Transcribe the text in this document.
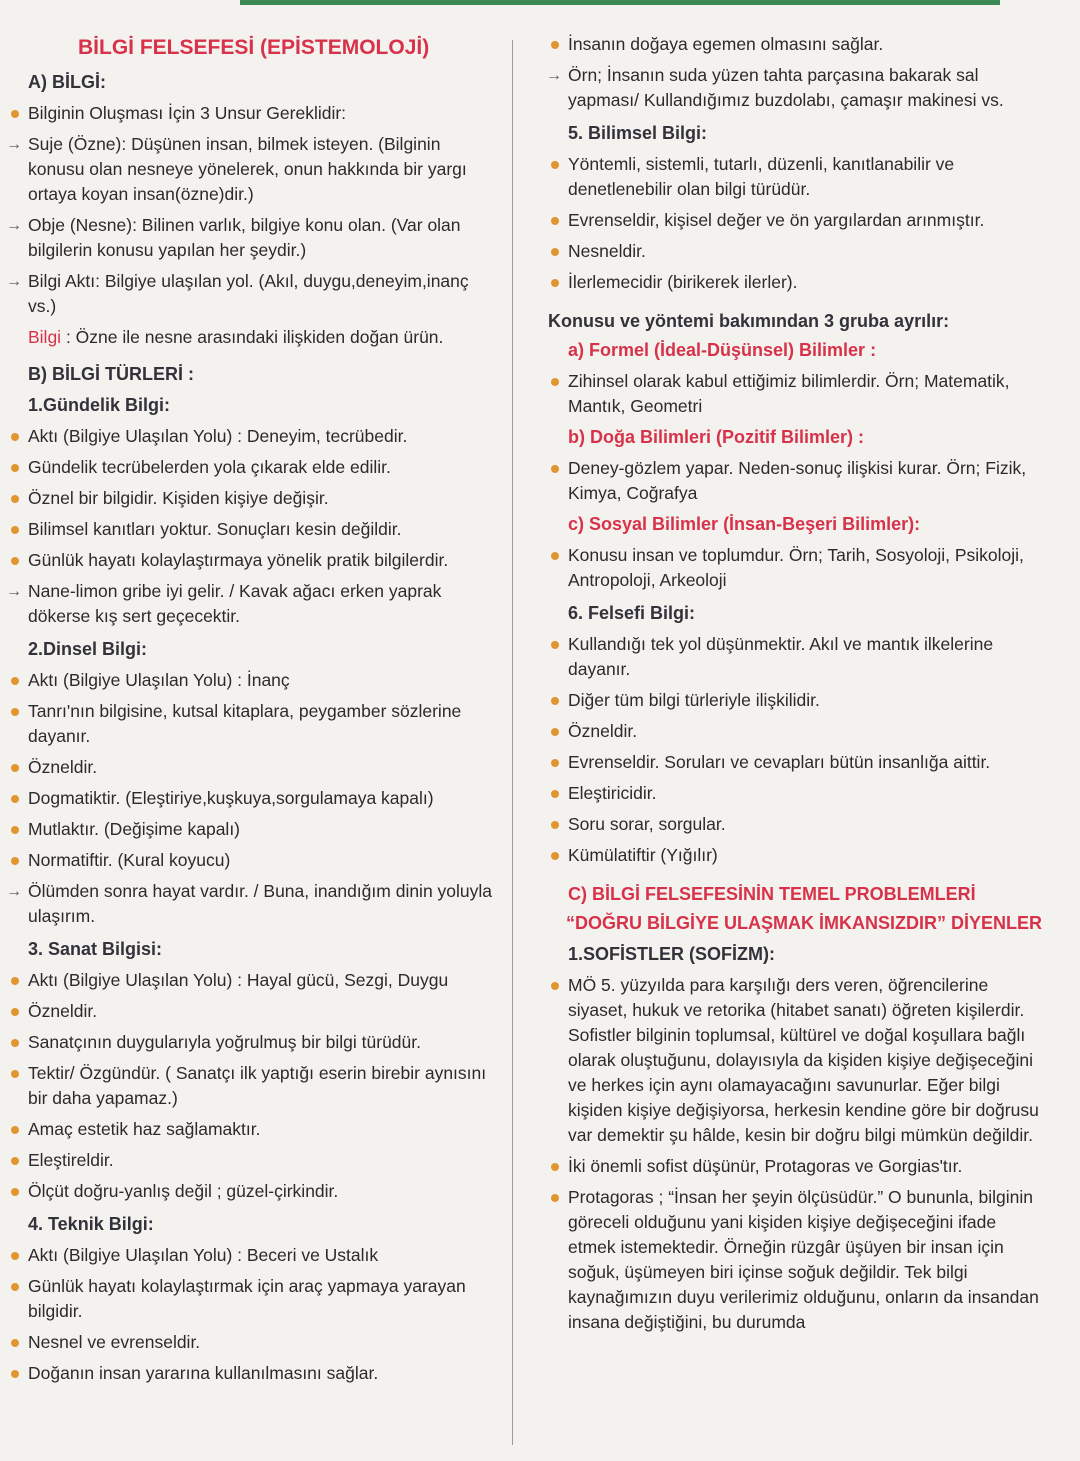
BİLGİ FELSEFESİ (EPİSTEMOLOJİ)
A) BİLGİ:
Bilginin Oluşması İçin 3 Unsur Gereklidir:
→ Suje (Özne): Düşünen insan, bilmek isteyen. (Bilginin konusu olan nesneye yönelerek, onun hakkında bir yargı ortaya koyan insan(özne)dir.)
→ Obje (Nesne): Bilinen varlık, bilgiye konu olan. (Var olan bilgilerin konusu yapılan her şeydir.)
→ Bilgi Aktı: Bilgiye ulaşılan yol. (Akıl, duygu,deneyim,inanç vs.)
Bilgi : Özne ile nesne arasındaki ilişkiden doğan ürün.
B) BİLGİ TÜRLERİ :
1.Gündelik Bilgi:
Aktı (Bilgiye Ulaşılan Yolu) : Deneyim, tecrübedir.
Gündelik tecrübelerden yola çıkarak elde edilir.
Öznel bir bilgidir. Kişiden kişiye değişir.
Bilimsel kanıtları yoktur. Sonuçları kesin değildir.
Günlük hayatı kolaylaştırmaya yönelik pratik bilgilerdir.
→ Nane-limon gribe iyi gelir. / Kavak ağacı erken yaprak dökerse kış sert geçecektir.
2.Dinsel Bilgi:
Aktı (Bilgiye Ulaşılan Yolu) : İnanç
Tanrı'nın bilgisine, kutsal kitaplara, peygamber sözlerine dayanır.
Özneldir.
Dogmatiktir. (Eleştiriye,kuşkuya,sorgulamaya kapalı)
Mutlaktır. (Değişime kapalı)
Normatiftir. (Kural koyucu)
→ Ölümden sonra hayat vardır. / Buna, inandığım dinin yoluyla ulaşırım.
3. Sanat Bilgisi:
Aktı (Bilgiye Ulaşılan Yolu) : Hayal gücü, Sezgi, Duygu
Özneldir.
Sanatçının duygularıyla yoğrulmuş bir bilgi türüdür.
Tektir/ Özgündür. ( Sanatçı ilk yaptığı eserin birebir aynısını bir daha yapamaz.)
Amaç estetik haz sağlamaktır.
Eleştireldir.
Ölçüt doğru-yanlış değil ; güzel-çirkindir.
4. Teknik Bilgi:
Aktı (Bilgiye Ulaşılan Yolu) : Beceri ve Ustalık
Günlük hayatı kolaylaştırmak için araç yapmaya yarayan bilgidir.
Nesnel ve evrenseldir.
Doğanın insan yararına kullanılmasını sağlar.
İnsanın doğaya egemen olmasını sağlar.
→ Örn; İnsanın suda yüzen tahta parçasına bakarak sal yapması/ Kullandığımız buzdolabı, çamaşır makinesi vs.
5. Bilimsel Bilgi:
Yöntemli, sistemli, tutarlı, düzenli, kanıtlanabilir ve denetlenebilir olan bilgi türüdür.
Evrenseldir, kişisel değer ve ön yargılardan arınmıştır.
Nesneldir.
İlerlemecidir (birikerek ilerler).
Konusu ve yöntemi bakımından 3 gruba ayrılır:
a) Formel (İdeal-Düşünsel) Bilimler :
Zihinsel olarak kabul ettiğimiz bilimlerdir. Örn; Matematik, Mantık, Geometri
b) Doğa Bilimleri (Pozitif Bilimler) :
Deney-gözlem yapar. Neden-sonuç ilişkisi kurar. Örn; Fizik, Kimya, Coğrafya
c) Sosyal Bilimler (İnsan-Beşeri Bilimler):
Konusu insan ve toplumdur. Örn; Tarih, Sosyoloji, Psikoloji, Antropoloji, Arkeoloji
6. Felsefi Bilgi:
Kullandığı tek yol düşünmektir. Akıl ve mantık ilkelerine dayanır.
Diğer tüm bilgi türleriyle ilişkilidir.
Özneldir.
Evrenseldir. Soruları ve cevapları bütün insanlığa aittir.
Eleştiricidir.
Soru sorar, sorgular.
Kümülatiftir (Yığılır)
C) BİLGİ FELSEFESİNİN TEMEL PROBLEMLERİ
“DOĞRU BİLGİYE ULAŞMAK İMKANSIZDIR” DİYENLER
1.SOFİSTLER (SOFİZM):
MÖ 5. yüzyılda para karşılığı ders veren, öğrencilerine siyaset, hukuk ve retorika (hitabet sanatı) öğreten kişilerdir. Sofistler bilginin toplumsal, kültürel ve doğal koşullara bağlı olarak oluştuğunu, dolayısıyla da kişiden kişiye değişeceğini ve herkes için aynı olamayacağını savunurlar. Eğer bilgi kişiden kişiye değişiyorsa, herkesin kendine göre bir doğrusu var demektir şu hâlde, kesin bir doğru bilgi mümkün değildir.
İki önemli sofist düşünür, Protagoras ve Gorgias'tır.
Protagoras ; “İnsan her şeyin ölçüsüdür.” O bununla, bilginin göreceli olduğunu yani kişiden kişiye değişeceğini ifade etmek istemektedir. Örneğin rüzgâr üşüyen bir insan için soğuk, üşümeyen biri içinse soğuk değildir. Tek bilgi kaynağımızın duyu verilerimiz olduğunu, onların da insandan insana değiştiğini, bu durumda
